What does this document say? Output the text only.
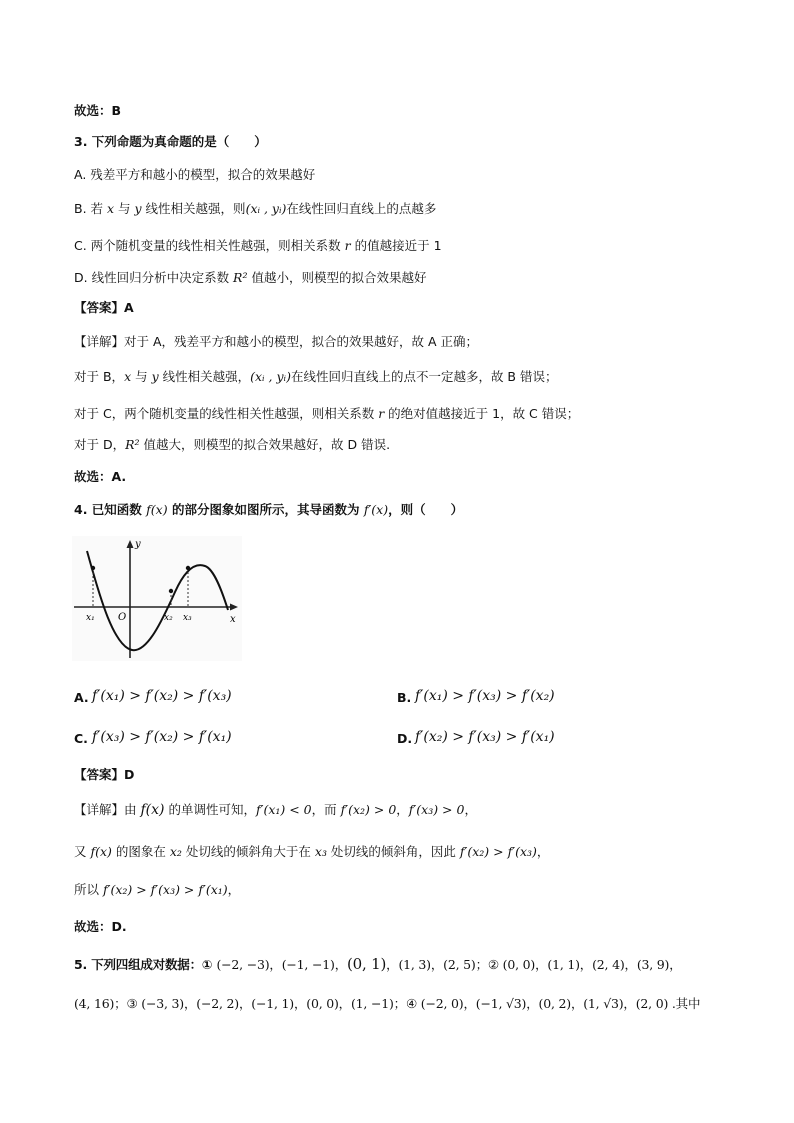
故选：B
3. 下列命题为真命题的是（　　）
A. 残差平方和越小的模型，拟合的效果越好
B. 若 x 与 y 线性相关越强，则(xᵢ , yᵢ)在线性回归直线上的点越多
C. 两个随机变量的线性相关性越强，则相关系数 r 的值越接近于 1
D. 线性回归分析中决定系数 R² 值越小，则模型的拟合效果越好
【答案】A
【详解】对于 A，残差平方和越小的模型，拟合的效果越好，故 A 正确；
对于 B，x 与 y 线性相关越强，(xᵢ , yᵢ)在线性回归直线上的点不一定越多，故 B 错误；
对于 C，两个随机变量的线性相关性越强，则相关系数 r 的绝对值越接近于 1，故 C 错误；
对于 D，R² 值越大，则模型的拟合效果越好，故 D 错误.
故选：A.
4. 已知函数 f(x) 的部分图象如图所示，其导函数为 f′(x)，则（　　）
y
x
O
x₁	x₂ x₃
A. f′(x₁) > f′(x₂) > f′(x₃)	B. f′(x₁) > f′(x₃) > f′(x₂)
C. f′(x₃) > f′(x₂) > f′(x₁)	D. f′(x₂) > f′(x₃) > f′(x₁)
【答案】D
【详解】由 f(x) 的单调性可知，f′(x₁) < 0，而 f′(x₂) > 0，f′(x₃) > 0，
又 f(x) 的图象在 x₂ 处切线的倾斜角大于在 x₃ 处切线的倾斜角，因此 f′(x₂) > f′(x₃)，
所以 f′(x₂) > f′(x₃) > f′(x₁)，
故选：D.
5. 下列四组成对数据：① (−2, −3)，(−1, −1)，(0, 1)，(1, 3)，(2, 5)；② (0, 0)，(1, 1)，(2, 4)，(3, 9)，
(4, 16)；③ (−3, 3)，(−2, 2)，(−1, 1)，(0, 0)，(1, −1)；④ (−2, 0)，(−1, √3)，(0, 2)，(1, √3)，(2, 0) .其中
